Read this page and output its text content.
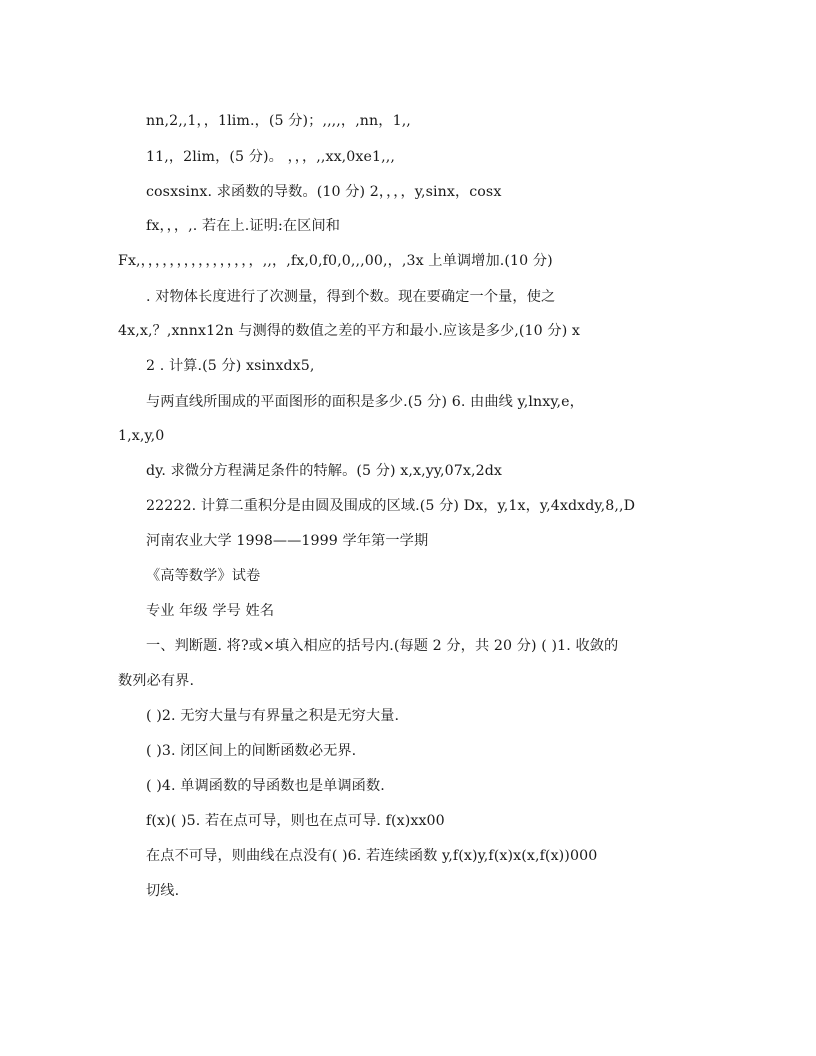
nn,2,,1，，1lim.，(5 分)；,,,,，,nn，1,,
11,，2lim，(5 分)。 ，，，,,xx,0xe1,,,
cosxsinx. 求函数的导数。(10 分) 2，，，，y,sinx，cosx
fx，，，,. 若在上.证明:在区间和
Fx,，，，，，，，，，，，，，，，，,,，,fx,0,f0,0,,,00,，,3x 上单调增加.(10 分)
. 对物体长度进行了次测量，得到个数。现在要确定一个量，使之
4x,x,？,xnnx12n 与测得的数值之差的平方和最小.应该是多少,(10 分) x
2 . 计算.(5 分) xsinxdx5,
与两直线所围成的平面图形的面积是多少.(5 分) 6. 由曲线 y,lnxy,e，
1,x,y,0
dy. 求微分方程满足条件的特解。(5 分) x,x,yy,07x,2dx
22222. 计算二重积分是由圆及围成的区域.(5 分) Dx，y,1x，y,4xdxdy,8,,D
河南农业大学 1998——1999 学年第一学期
《高等数学》试卷
专业 年级 学号 姓名
一、判断题. 将?或×填入相应的括号内.(每题 2 分，共 20 分) ( )1. 收敛的
数列必有界.
( )2. 无穷大量与有界量之积是无穷大量.
( )3. 闭区间上的间断函数必无界.
( )4. 单调函数的导函数也是单调函数.
f(x)( )5. 若在点可导，则也在点可导. f(x)xx00
在点不可导，则曲线在点没有( )6. 若连续函数 y,f(x)y,f(x)x(x,f(x))000
切线.
